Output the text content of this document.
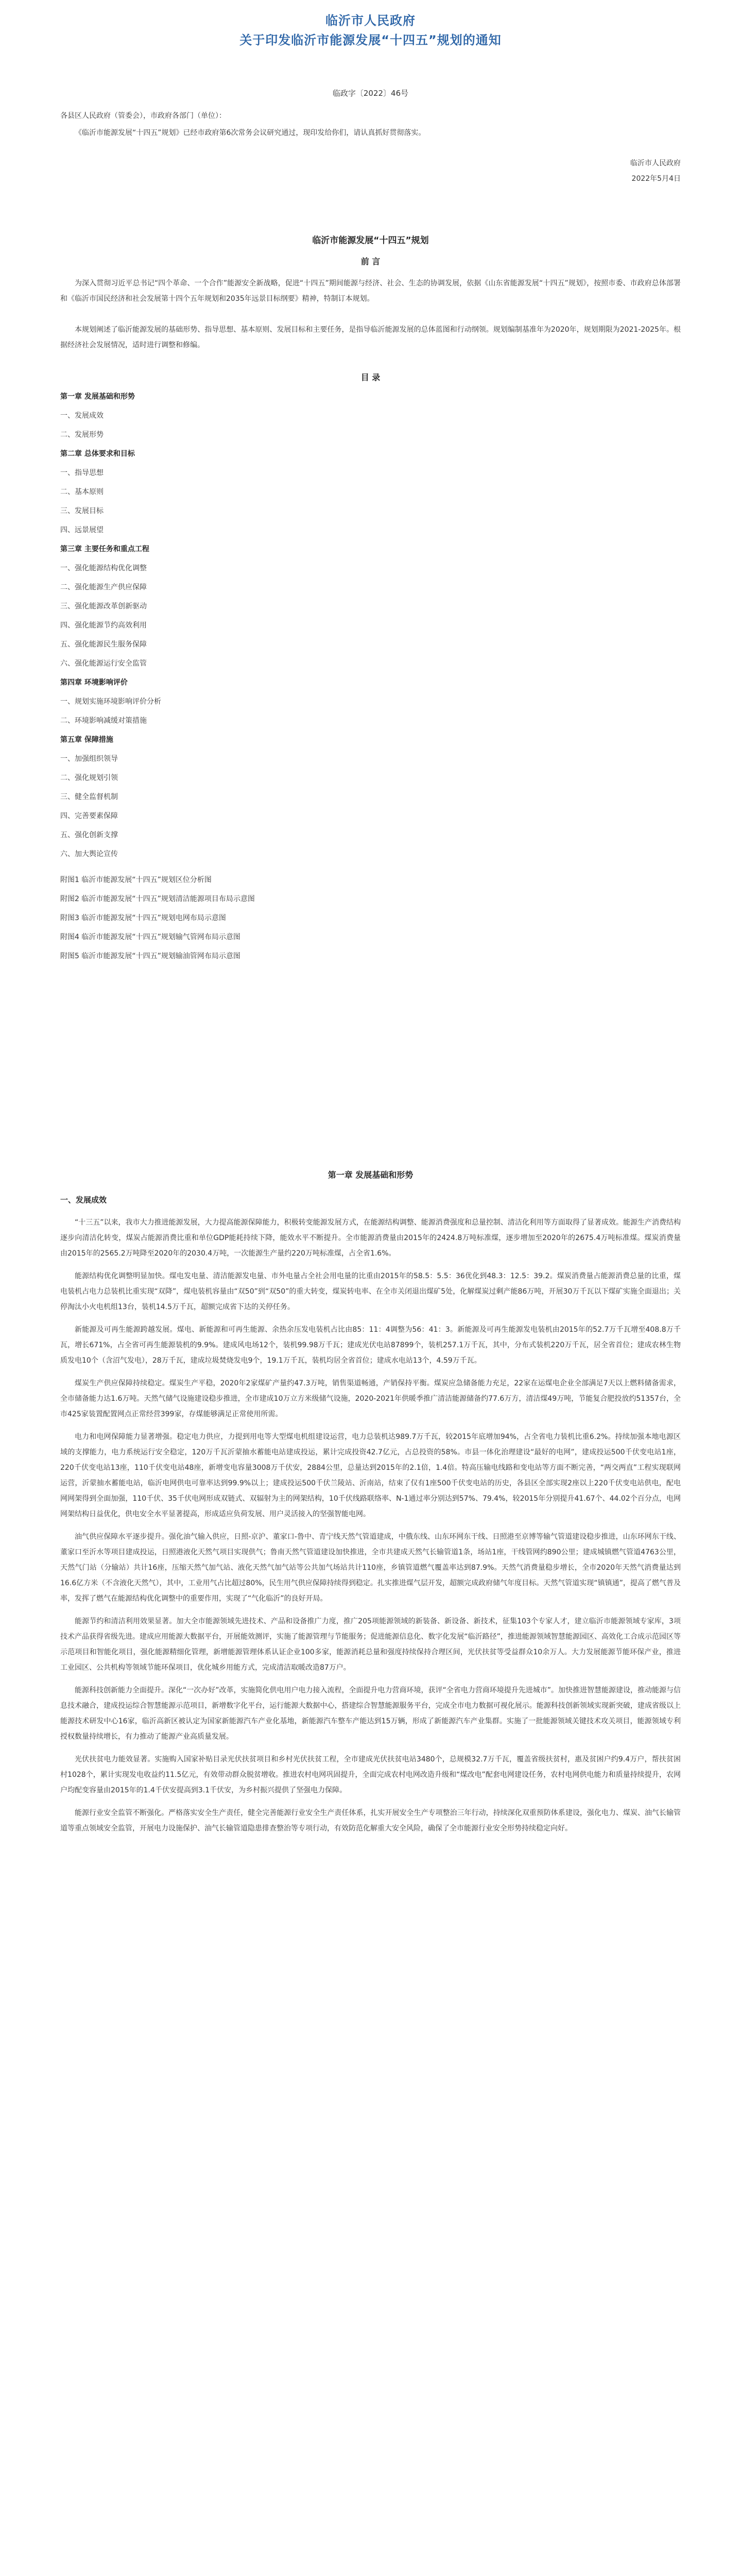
临沂市人民政府
关于印发临沂市能源发展“十四五”规划的通知
临政字〔2022〕46号
各县区人民政府（管委会），市政府各部门（单位）：
《临沂市能源发展“十四五”规划》已经市政府第6次常务会议研究通过，现印发给你们，请认真抓好贯彻落实。
临沂市人民政府
2022年5月4日
临沂市能源发展“十四五”规划
前 言
为深入贯彻习近平总书记“四个革命、一个合作”能源安全新战略，促进“十四五”期间能源与经济、社会、生态的协调发展，依据《山东省能源发展“十四五”规划》，按照市委、市政府总体部署和《临沂市国民经济和社会发展第十四个五年规划和2035年远景目标纲要》精神，特制订本规划。
本规划阐述了临沂能源发展的基础形势、指导思想、基本原则、发展目标和主要任务，是指导临沂能源发展的总体蓝图和行动纲领。规划编制基准年为2020年，规划期限为2021-2025年。根据经济社会发展情况，适时进行调整和修编。
目 录
第一章 发展基础和形势
一、发展成效
二、发展形势
第二章 总体要求和目标
一、指导思想
二、基本原则
三、发展目标
四、远景展望
第三章 主要任务和重点工程
一、强化能源结构优化调整
二、强化能源生产供应保障
三、强化能源改革创新驱动
四、强化能源节约高效利用
五、强化能源民生服务保障
六、强化能源运行安全监管
第四章 环境影响评价
一、规划实施环境影响评价分析
二、环境影响减缓对策措施
第五章 保障措施
一、加强组织领导
二、强化规划引领
三、健全监督机制
四、完善要素保障
五、强化创新支撑
六、加大舆论宣传
附图1 临沂市能源发展“十四五”规划区位分析图
附图2 临沂市能源发展“十四五”规划清洁能源项目布局示意图
附图3 临沂市能源发展“十四五”规划电网布局示意图
附图4 临沂市能源发展“十四五”规划输气管网布局示意图
附图5 临沂市能源发展“十四五”规划输油管网布局示意图
第一章 发展基础和形势
一、发展成效
“十三五”以来，我市大力推进能源发展，大力提高能源保障能力，积极转变能源发展方式，在能源结构调整、能源消费强度和总量控制、清洁化利用等方面取得了显著成效。能源生产消费结构逐步向清洁化转变，煤炭占能源消费比重和单位GDP能耗持续下降，能效水平不断提升。全市能源消费量由2015年的2424.8万吨标准煤，逐步增加至2020年的2675.4万吨标准煤。煤炭消费量由2015年的2565.2万吨降至2020年的2030.4万吨，一次能源生产量约220万吨标准煤，占全省1.6%。
能源结构优化调整明显加快。煤电发电量、清洁能源发电量、市外电量占全社会用电量的比重由2015年的58.5：5.5：36优化到48.3：12.5：39.2。煤炭消费量占能源消费总量的比重，煤电装机占电力总装机比重实现“双降”，煤电装机容量由“双50”到“双50”的重大转变，煤炭转电率、在全市关闭退出煤矿5处，化解煤炭过剩产能86万吨，开展30万千瓦以下煤矿实施全面退出；关停淘汰小火电机组13台，装机14.5万千瓦，超额完成省下达的关停任务。
新能源及可再生能源跨越发展。煤电、新能源和可再生能源、余热余压发电装机占比由85：11：4调整为56：41：3。新能源及可再生能源发电装机由2015年的52.7万千瓦增至408.8万千瓦，增长671%，占全省可再生能源装机的9.9%。建成风电场12个，装机99.98万千瓦；建成光伏电站87899个，装机257.1万千瓦，其中，分布式装机220万千瓦，居全省首位；建成农林生物质发电10个（含沼气发电），28万千瓦，建成垃圾焚烧发电9个，19.1万千瓦，装机均居全省首位；建成水电站13个，4.59万千瓦。
煤炭生产供应保障持续稳定。煤炭生产平稳，2020年2家煤矿产量约47.3万吨，销售渠道畅通，产销保持平衡。煤炭应急储备能力充足，22家在运煤电企业全部满足7天以上燃料储备需求，全市储备能力达1.6万吨。天然气储气设施建设稳步推进，全市建成10万立方米级储气设施，2020-2021年供暖季推广清洁能源储备约77.6万方，清洁煤49万吨，节能复合肥投放约51357台，全市425家装置配置网点正常经营399家，存煤能够满足正常使用所需。
电力和电网保障能力显著增强。稳定电力供应，力提到用电等大型煤电机组建设运营，电力总装机达989.7万千瓦，较2015年底增加94%，占全省电力装机比重6.2%。持续加强本地电源区域的支撑能力，电力系统运行安全稳定，120万千瓦沂蒙抽水蓄能电站建成投运，累计完成投资42.7亿元，占总投资的58%。市县一体化治理建设“最好的电网”，建成投运500千伏变电站1座，220千伏变电站13座，110千伏变电站48座，新增变电容量3008万千伏安，2884公里，总量达到2015年的2.1倍，1.4倍。特高压输电线路和变电站等方面不断完善，“两交两直”工程实现联网运营，沂蒙抽水蓄能电站，临沂电网供电可靠率达到99.9%以上；建成投运500千伏兰陵站、沂南站，结束了仅有1座500千伏变电站的历史，各县区全部实现2座以上220千伏变电站供电，配电网网架得到全面加强，110千伏、35千伏电网形成双链式、双辐射为主的网架结构，10千伏线路联络率、N-1通过率分别达到57%、79.4%，较2015年分别提升41.67个、44.02个百分点，电网网架结构日益优化，供电安全水平显著提高，形成适应负荷发展、用户灵活接入的坚强智能电网。
油气供应保障水平逐步提升。强化油气输入供应，日照-京沪、董家口-鲁中、青宁线天然气管道建成，中俄东线、山东环网东干线、日照港至京博等输气管道建设稳步推进，山东环网东干线、董家口至沂水等项目建成投运，日照港液化天然气项目实现供气；鲁南天然气管道建设加快推进，全市共建成天然气长输管道1条，场站1座，干线管网约890公里；建成城镇燃气管道4763公里，天然气门站（分输站）共计16座，压缩天然气加气站、液化天然气加气站等公共加气场站共计110座，乡镇管道燃气覆盖率达到87.9%。天然气消费量稳步增长，全市2020年天然气消费量达到16.6亿方米（不含液化天然气），其中，工业用气占比超过80%，民生用气供应保障持续得到稳定。扎实推进煤气层开发，超额完成政府储气年度目标。天然气管道实现“镇镇通”，提高了燃气普及率，发挥了燃气在能源结构优化调整中的重要作用，实现了“气化临沂”的良好开局。
能源节约和清洁利用效果显著。加大全市能源领域先进技术、产品和设备推广力度，推广205项能源领域的新装备、新设备、新技术，征集103个专家人才，建立临沂市能源领域专家库，3项技术产品获得省级先进。建成应用能源大数据平台，开展能效测评，实施了能源管理与节能服务；促进能源信息化、数字化发展“临沂路径”，推进能源领域智慧能源园区、高效化工合成示范园区等示范项目和智能化项目，强化能源精细化管理，新增能源管理体系认证企业100多家，能源消耗总量和强度持续保持合理区间，光伏扶贫等受益群众10余万人。大力发展能源节能环保产业，推进工业园区、公共机构等领域节能环保项目，优化城乡用能方式，完成清洁取暖改造87万户。
能源科技创新能力全面提升。深化“一次办好”改革，实施简化供电用户电力接入流程，全面提升电力营商环境，获评“全省电力营商环境提升先进城市”。加快推进智慧能源建设，推动能源与信息技术融合，建成投运综合智慧能源示范项目，新增数字化平台，运行能源大数据中心，搭建综合智慧能源服务平台，完成全市电力数据可视化展示。能源科技创新领域实现新突破，建成省级以上能源技术研发中心16家，临沂高新区被认定为国家新能源汽车产业化基地，新能源汽车整车产能达到15万辆，形成了新能源汽车产业集群。实施了一批能源领域关键技术攻关项目，能源领域专利授权数量持续增长，有力推动了能源产业高质量发展。
光伏扶贫电力能效显著。实施购入国家补贴目录光伏扶贫项目和乡村光伏扶贫工程，全市建成光伏扶贫电站3480个，总规模32.7万千瓦，覆盖省级扶贫村，惠及贫困户约9.4万户，帮扶贫困村1028个，累计实现发电收益约11.5亿元，有效带动群众脱贫增收。推进农村电网巩固提升，全面完成农村电网改造升级和“煤改电”配套电网建设任务，农村电网供电能力和质量持续提升，农网户均配变容量由2015年的1.4千伏安提高到3.1千伏安，为乡村振兴提供了坚强电力保障。
能源行业安全监管不断强化。严格落实安全生产责任，健全完善能源行业安全生产责任体系，扎实开展安全生产专项整治三年行动，持续深化双重预防体系建设，强化电力、煤炭、油气长输管道等重点领域安全监管，开展电力设施保护、油气长输管道隐患排查整治等专项行动，有效防范化解重大安全风险，确保了全市能源行业安全形势持续稳定向好。
